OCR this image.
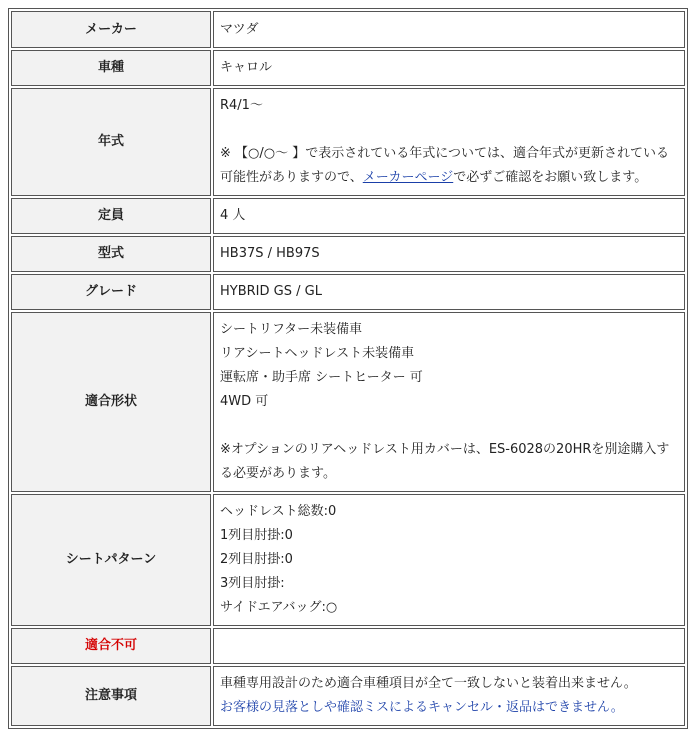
メーカー	マツダ
車種	キャロル
年式	R4/1～
※ 【○/○～ 】で表示されている年式については、適合年式が更新されている可能性がありますので、メーカーページで必ずご確認をお願い致します。

定員	4 人
型式	HB37S / HB97S
グレード	HYBRID GS / GL
適合形状	シートリフター未装備車
リアシートヘッドレスト未装備車
運転席・助手席 シートヒーター 可
4WD 可
※オプションのリアヘッドレスト用カバーは、ES-6028の20HRを別途購入する必要があります。

シートパターン	ヘッドレスト総数:0
1列目肘掛:0
2列目肘掛:0
3列目肘掛:
サイドエアバッグ:○

適合不可	
注意事項	車種専用設計のため適合車種項目が全て一致しないと装着出来ません。
お客様の見落としや確認ミスによるキャンセル・返品はできません。
